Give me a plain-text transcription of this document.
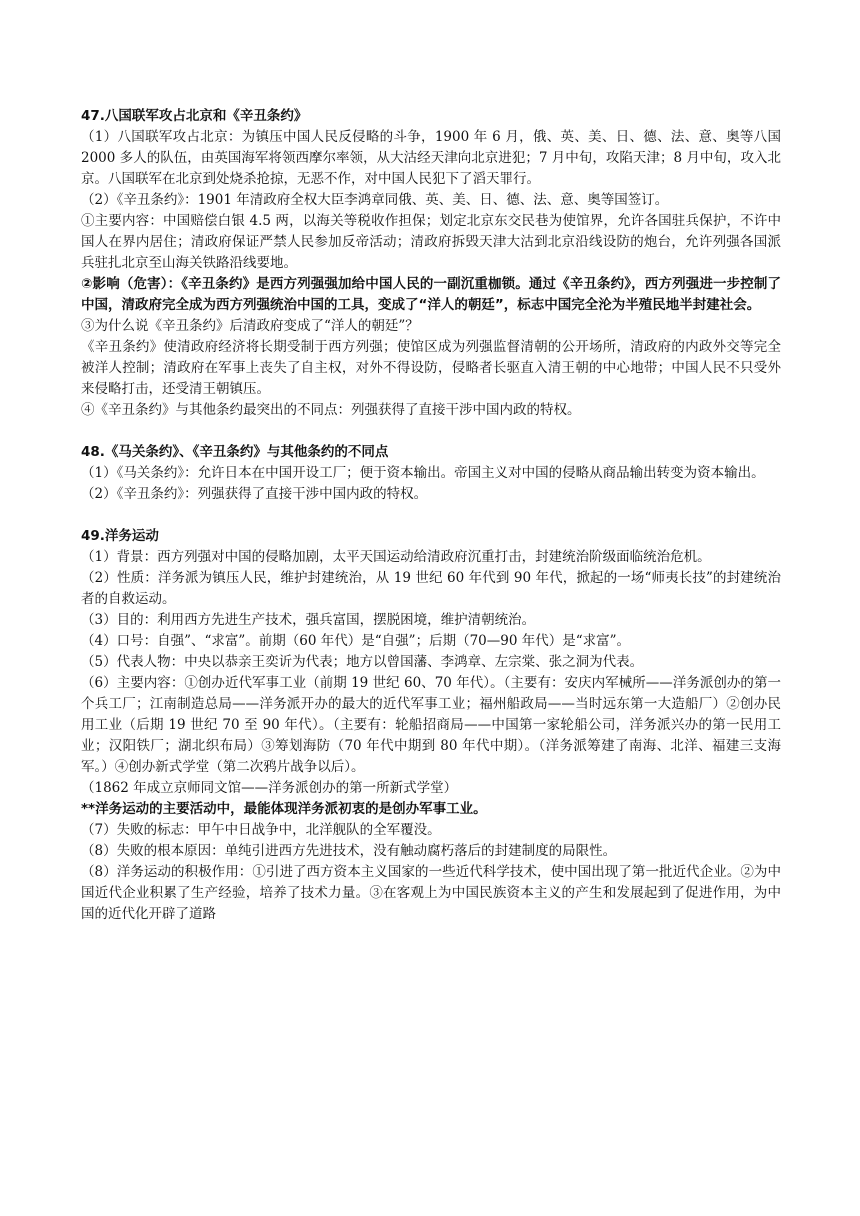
47.八国联军攻占北京和《辛丑条约》

（1）八国联军攻占北京：为镇压中国人民反侵略的斗争，1900 年 6 月，俄、英、美、日、德、法、意、奥等八国 2000 多人的队伍，由英国海军将领西摩尔率领，从大沽经天津向北京进犯；7 月中旬，攻陷天津；8 月中旬，攻入北京。八国联军在北京到处烧杀抢掠，无恶不作，对中国人民犯下了滔天罪行。

（2）《辛丑条约》：1901 年清政府全权大臣李鸿章同俄、英、美、日、德、法、意、奥等国签订。

①主要内容：中国赔偿白银 4.5 两，以海关等税收作担保；划定北京东交民巷为使馆界，允许各国驻兵保护，不许中国人在界内居住；清政府保证严禁人民参加反帝活动；清政府拆毁天津大沽到北京沿线设防的炮台，允许列强各国派兵驻扎北京至山海关铁路沿线要地。

②影响（危害）：《辛丑条约》是西方列强强加给中国人民的一副沉重枷锁。通过《辛丑条约》，西方列强进一步控制了中国，清政府完全成为西方列强统治中国的工具，变成了“洋人的朝廷”，标志中国完全沦为半殖民地半封建社会。

③为什么说《辛丑条约》后清政府变成了“洋人的朝廷”？

《辛丑条约》使清政府经济将长期受制于西方列强；使馆区成为列强监督清朝的公开场所，清政府的内政外交等完全被洋人控制；清政府在军事上丧失了自主权，对外不得设防，侵略者长驱直入清王朝的中心地带；中国人民不只受外来侵略打击，还受清王朝镇压。

④《辛丑条约》与其他条约最突出的不同点：列强获得了直接干涉中国内政的特权。

48.《马关条约》、《辛丑条约》与其他条约的不同点

（1）《马关条约》：允许日本在中国开设工厂；便于资本输出。帝国主义对中国的侵略从商品输出转变为资本输出。

（2）《辛丑条约》：列强获得了直接干涉中国内政的特权。

49.洋务运动

（1）背景：西方列强对中国的侵略加剧，太平天国运动给清政府沉重打击，封建统治阶级面临统治危机。

（2）性质：洋务派为镇压人民，维护封建统治，从 19 世纪 60 年代到 90 年代，掀起的一场“师夷长技”的封建统治者的自救运动。

（3）目的：利用西方先进生产技术，强兵富国，摆脱困境，维护清朝统治。

（4）口号：自强”、“求富”。前期（60 年代）是“自强”；后期（70—90 年代）是“求富”。

（5）代表人物：中央以恭亲王奕䜣为代表；地方以曾国藩、李鸿章、左宗棠、张之洞为代表。

（6）主要内容：①创办近代军事工业（前期 19 世纪 60、70 年代）。（主要有：安庆内军械所——洋务派创办的第一个兵工厂；江南制造总局——洋务派开办的最大的近代军事工业；福州船政局——当时远东第一大造船厂）②创办民用工业（后期 19 世纪 70 至 90 年代）。（主要有：轮船招商局——中国第一家轮船公司，洋务派兴办的第一民用工业；汉阳铁厂；湖北织布局）③筹划海防（70 年代中期到 80 年代中期）。（洋务派筹建了南海、北洋、福建三支海军。）④创办新式学堂（第二次鸦片战争以后）。

（1862 年成立京师同文馆——洋务派创办的第一所新式学堂）

**洋务运动的主要活动中，最能体现洋务派初衷的是创办军事工业。

（7）失败的标志：甲午中日战争中，北洋舰队的全军覆没。

（8）失败的根本原因：单纯引进西方先进技术，没有触动腐朽落后的封建制度的局限性。

（8）洋务运动的积极作用：①引进了西方资本主义国家的一些近代科学技术，使中国出现了第一批近代企业。②为中国近代企业积累了生产经验，培养了技术力量。③在客观上为中国民族资本主义的产生和发展起到了促进作用，为中国的近代化开辟了道路
